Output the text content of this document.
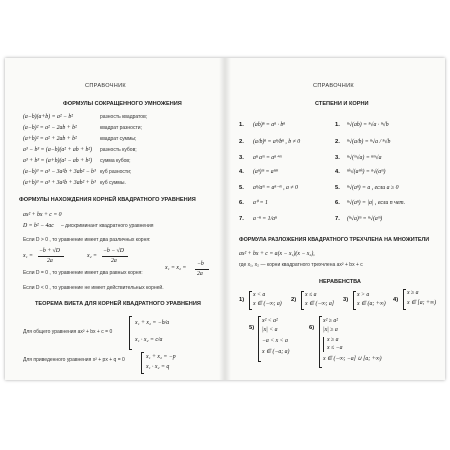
СПРАВОЧНИК
ФОРМУЛЫ СОКРАЩЕННОГО УМНОЖЕНИЯ
(a−b)(a+b) = a² − b²	разность квадратов;
(a−b)² = a² − 2ab + b²	квадрат разности;
(a+b)² = a² + 2ab + b²	квадрат суммы;
a³ − b³ = (a−b)(a² + ab + b²) разность кубов;
a³ + b³ = (a+b)(a² − ab + b²) сумма кубов;
(a−b)³ = a³ − 3a²b + 3ab² − b³ куб разности;
(a+b)³ = a³ + 3a²b + 3ab² + b³ куб суммы.
ФОРМУЛЫ НАХОЖДЕНИЯ КОРНЕЙ КВАДРАТНОГО УРАВНЕНИЯ
ax² + bx + c = 0
D = b² − 4ac – дискриминант квадратного уравнения
Если D > 0 , то уравнение имеет два различных корня:
x₁ =
−b + √D
2a
x₂ =
−b − √D
2a
Если D = 0 , то уравнение имеет два равных корня:
x₁ = x₂ =
−b
2a
Если D < 0 , то уравнение не имеет действительных корней.
ТЕОРЕМА ВИЕТА ДЛЯ КОРНЕЙ КВАДРАТНОГО УРАВНЕНИЯ
Для общего уравнения ax² + bx + c = 0
x₁ + x₂ = −b/a
x₁ · x₂ = c/a
Для приведенного уравнения x² + px + q = 0	x₁ + x₂ = −p
x₁ · x₂ = q
СПРАВОЧНИК
СТЕПЕНИ И КОРНИ
1. (ab)ⁿ = aⁿ · bⁿ
2. (a/b)ⁿ = aⁿ/bⁿ , b ≠ 0
3. aⁿ aᵐ = aⁿ⁺ᵐ
4. (aⁿ)ᵐ = aⁿᵐ
5. aⁿ/aᵐ = aⁿ⁻ᵐ , a ≠ 0
6. a⁰ = 1
7. a⁻ⁿ = 1/aⁿ
1. ⁿ√(ab) = ⁿ√a · ⁿ√b
2. ⁿ√(a/b) = ⁿ√a / ⁿ√b
3. ⁿ√(ᵐ√a) = ⁿᵐ√a
4. ⁿᵏ√(aᵐᵏ) = ⁿ√(aᵐ)
5. ⁿ√(aⁿ) = a , если a ≥ 0
6. ⁿ√(aⁿ) = |a| , если n чет.
7. (ⁿ√a)ᵐ = ⁿ√(aᵐ)
ФОРМУЛА РАЗЛОЖЕНИЯ КВАДРАТНОГО ТРЕХЧЛЕНА НА МНОЖИТЕЛИ
ax² + bx + c = a(x − x₁)(x − x₂),
где x₁, x₂ — корни квадратного трехчлена ax² + bx + c
НЕРАВЕНСТВА
1)
x < a
x ∈ (−∞; a)
2)
x ≤ a
x ∈ (−∞; a]
3)
x > a
x ∈ (a; +∞)
4)
x ≥ a
x ∈ [a; +∞)
5)
x² < a²
|x| < a
−a < x < a
x ∈ (−a; a)
6)
x² ≥ a²
|x| ≥ a
x ≥ a
x ≤ −a
x ∈ (−∞; −a] ∪ [a; +∞)
